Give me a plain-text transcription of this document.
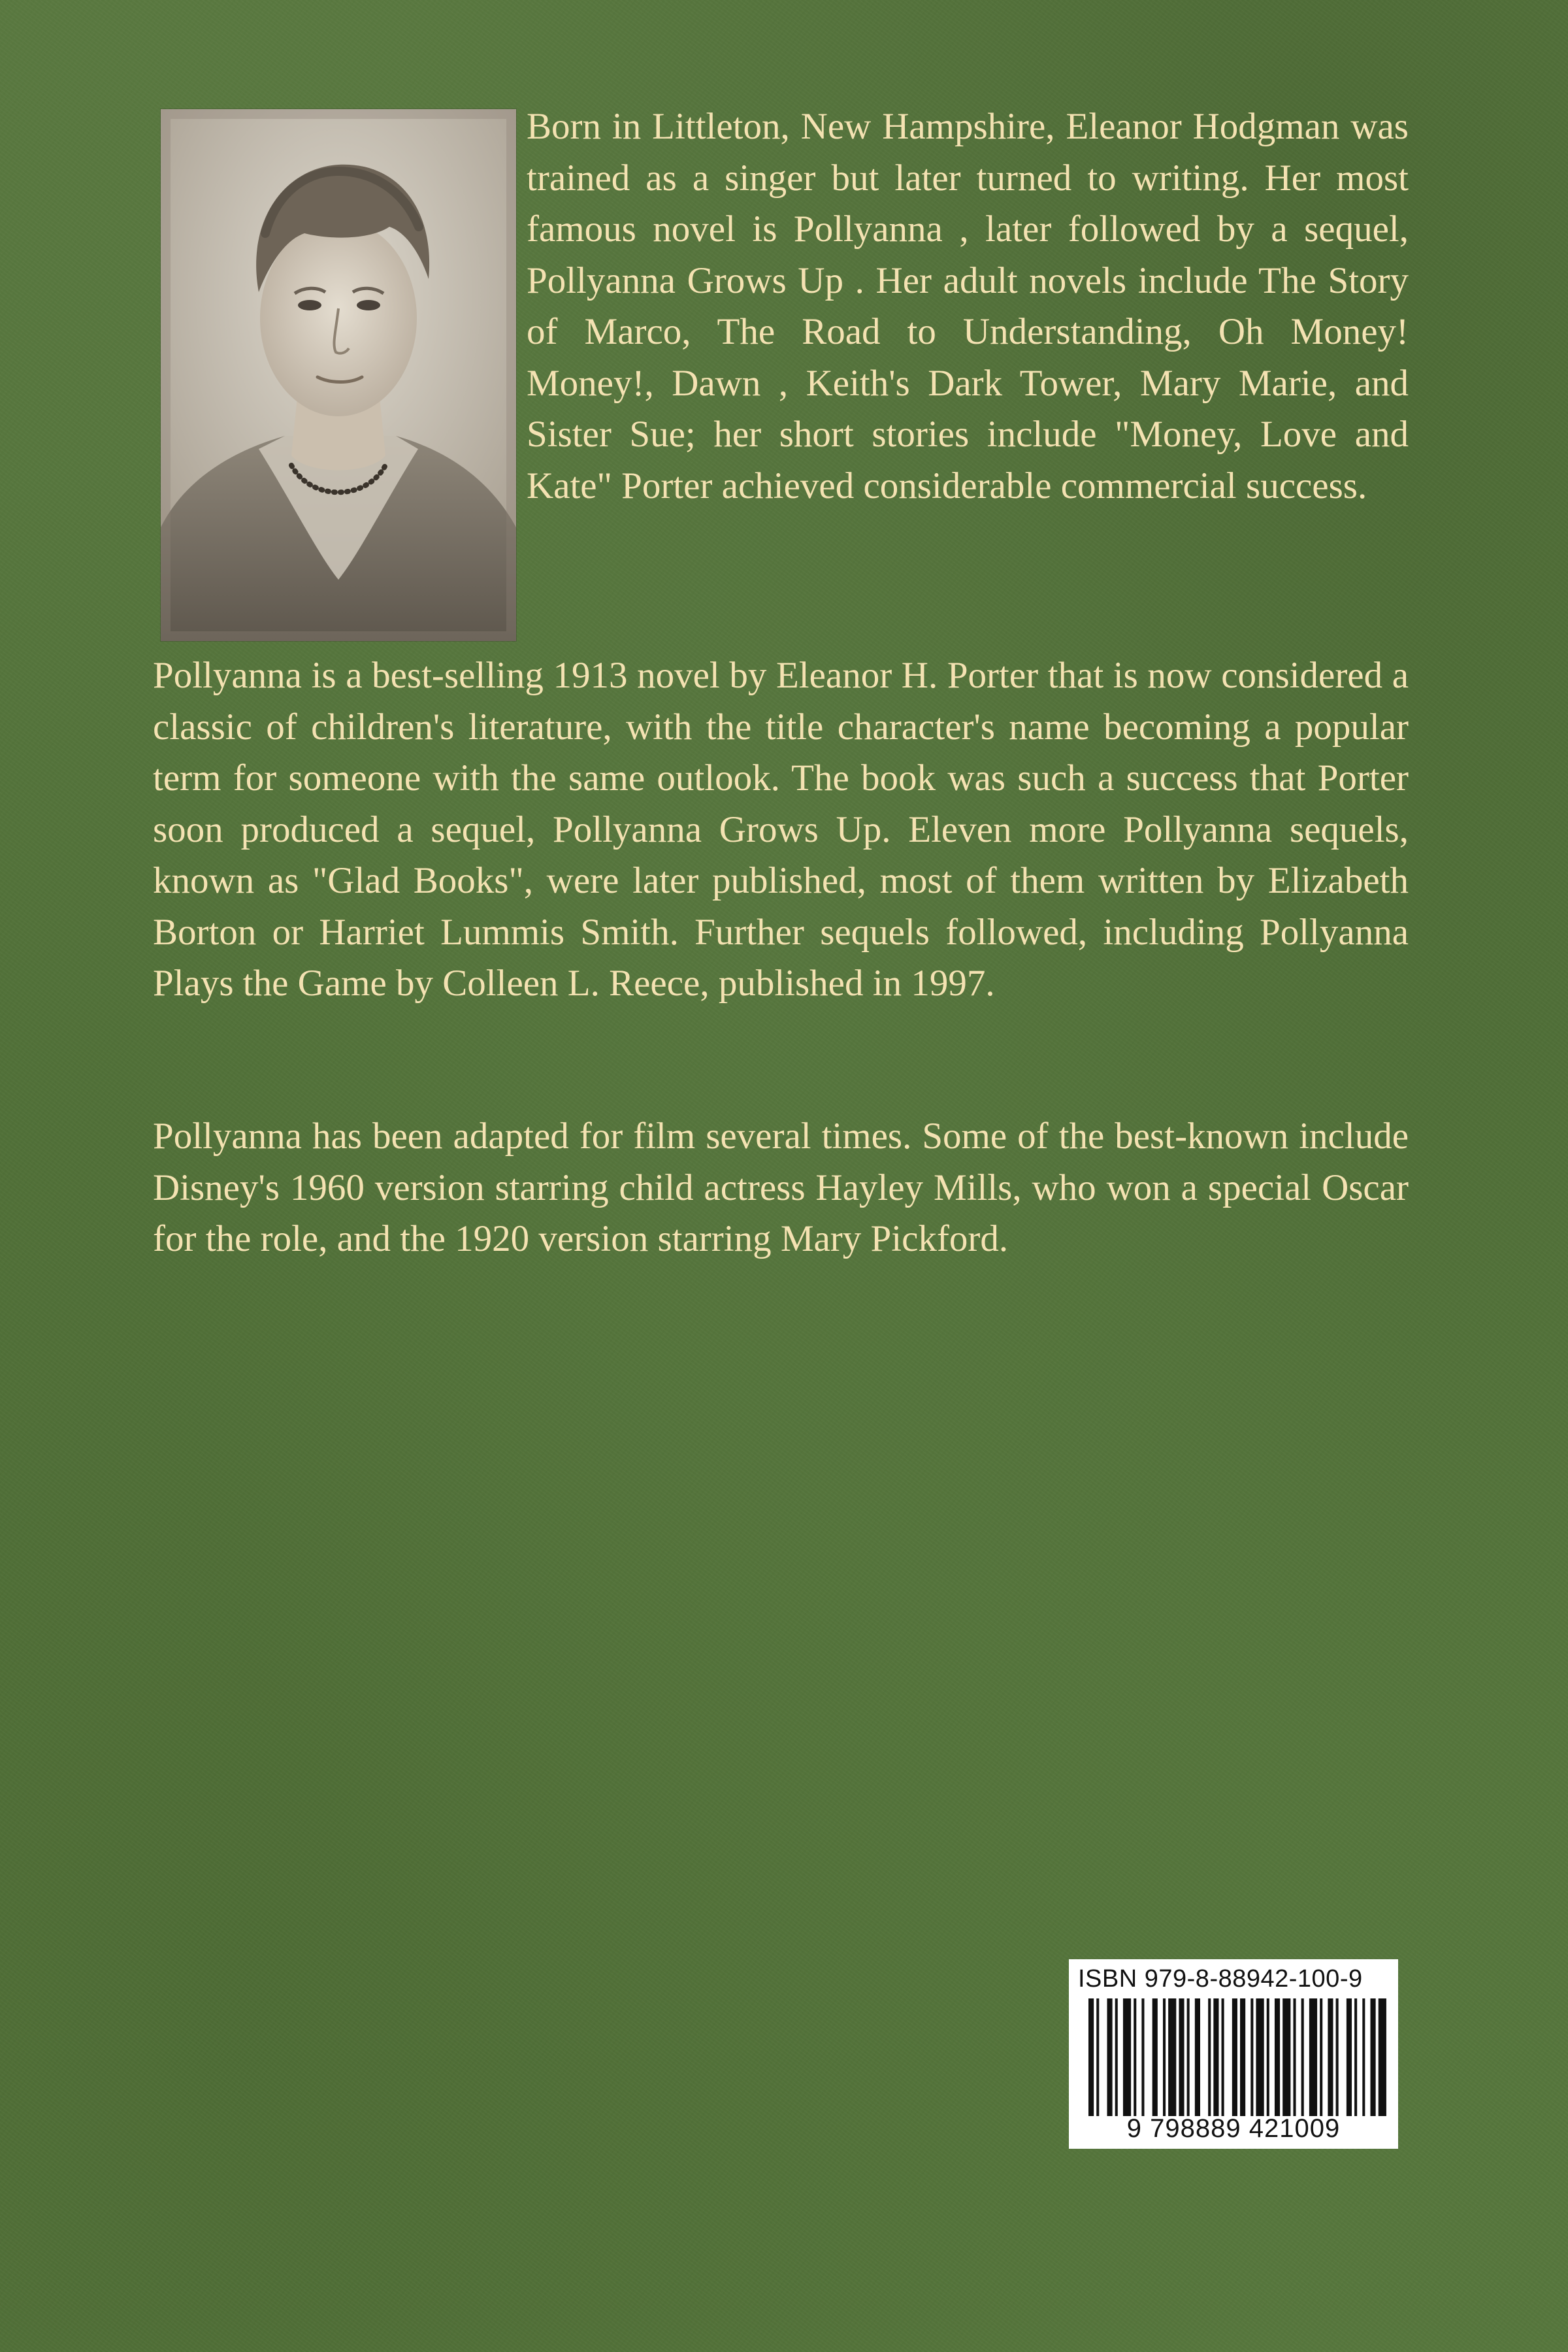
Born in Littleton, New Hampshire, Eleanor Hodgman was trained as a singer but later turned to writing. Her most famous novel is Pollyanna , later followed by a sequel, Pollyanna Grows Up . Her adult novels include The Story of Marco, The Road to Understanding, Oh Money! Money!, Dawn , Keith's Dark Tower, Mary Marie, and Sister Sue; her short stories include "Money, Love and Kate" Porter achieved considerable commercial success.

Pollyanna is a best-selling 1913 novel by Eleanor H. Porter that is now considered a classic of children's literature, with the title character's name becoming a popular term for someone with the same outlook. The book was such a success that Porter soon produced a sequel, Pollyanna Grows Up. Eleven more Pollyanna sequels, known as "Glad Books", were later published, most of them written by Elizabeth Borton or Harriet Lummis Smith. Further sequels followed, including Pollyanna Plays the Game by Colleen L. Reece, published in 1997.

Pollyanna has been adapted for film several times. Some of the best-known include Disney's 1960 version starring child actress Hayley Mills, who won a special Oscar for the role, and the 1920 version starring Mary Pickford.

ISBN 979-8-88942-100-9
9 798889 421009
